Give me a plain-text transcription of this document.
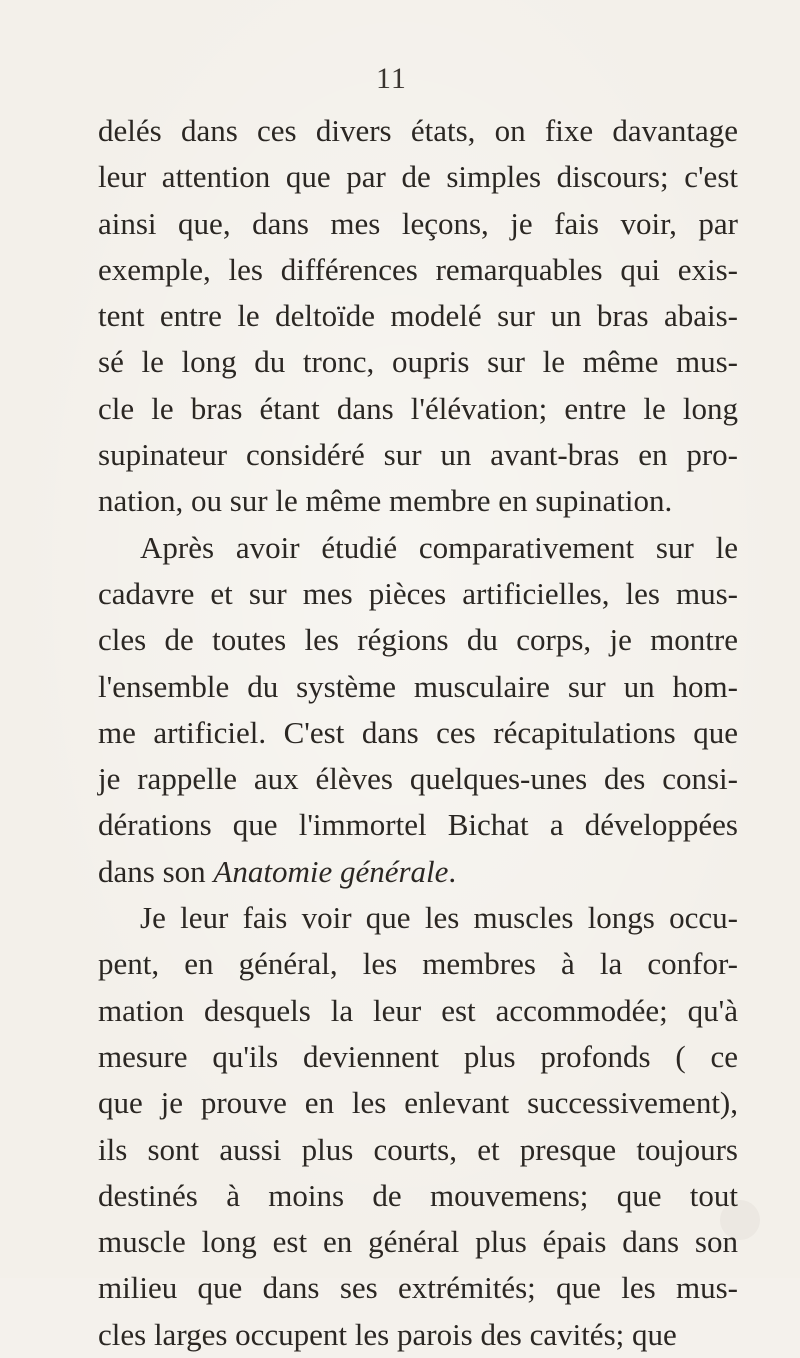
11
delés dans ces divers états, on fixe davantage
leur attention que par de simples discours; c'est
ainsi que, dans mes leçons, je fais voir, par
exemple, les différences remarquables qui exis-
tent entre le deltoïde modelé sur un bras abais-
sé le long du tronc, oupris sur le même mus-
cle le bras étant dans l'élévation; entre le long
supinateur considéré sur un avant-bras en pro-
nation, ou sur le même membre en supination.
Après avoir étudié comparativement sur le
cadavre et sur mes pièces artificielles, les mus-
cles de toutes les régions du corps, je montre
l'ensemble du système musculaire sur un hom-
me artificiel. C'est dans ces récapitulations que
je rappelle aux élèves quelques-unes des consi-
dérations que l'immortel Bichat a développées
dans son Anatomie générale.
Je leur fais voir que les muscles longs occu-
pent, en général, les membres à la confor-
mation desquels la leur est accommodée; qu'à
mesure qu'ils deviennent plus profonds ( ce
que je prouve en les enlevant successivement),
ils sont aussi plus courts, et presque toujours
destinés à moins de mouvemens; que tout
muscle long est en général plus épais dans son
milieu que dans ses extrémités; que les mus-
cles larges occupent les parois des cavités; que
